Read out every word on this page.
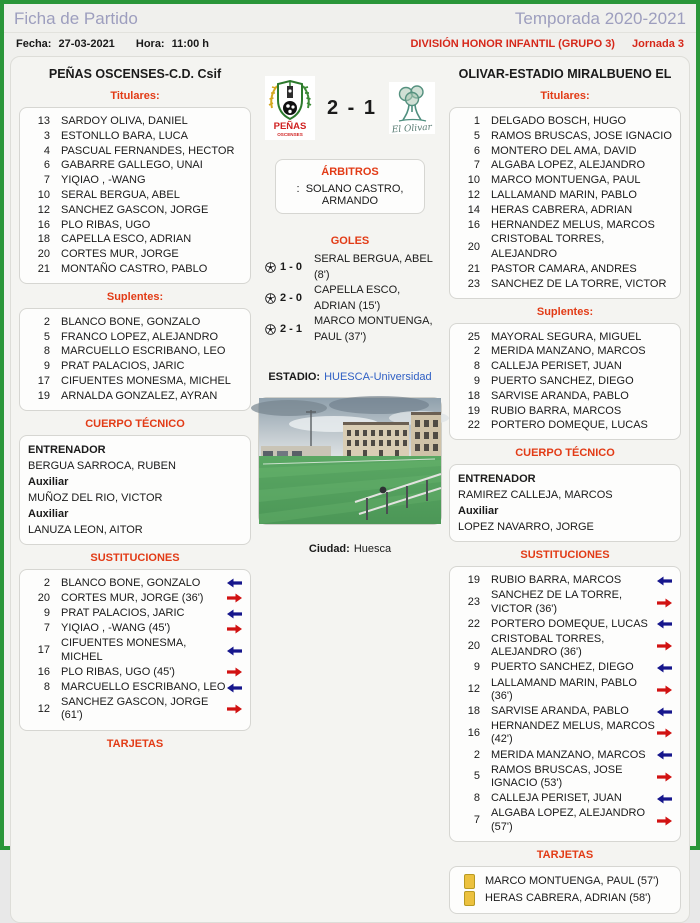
Ficha de Partido	Temporada 2020-2021
Fecha: 27-03-2021 Hora: 11:00 h	DIVISIÓN HONOR INFANTIL (GRUPO 3) Jornada 3
PEÑAS OSCENSES-C.D. Csif
Titulares:
13 SARDOY OLIVA, DANIEL
3 ESTONLLO BARA, LUCA
4 PASCUAL FERNANDES, HECTOR
6 GABARRE GALLEGO, UNAI
7 YIQIAO , -WANG
10 SERAL BERGUA, ABEL
12 SANCHEZ GASCON, JORGE
16 PLO RIBAS, UGO
18 CAPELLA ESCO, ADRIAN
20 CORTES MUR, JORGE
21 MONTAÑO CASTRO, PABLO
Suplentes:
2 BLANCO BONE, GONZALO
5 FRANCO LOPEZ, ALEJANDRO
8 MARCUELLO ESCRIBANO, LEO
9 PRAT PALACIOS, JARIC
17 CIFUENTES MONESMA, MICHEL
19 ARNALDA GONZALEZ, AYRAN
CUERPO TÉCNICO
ENTRENADOR
BERGUA SARROCA, RUBEN
Auxiliar
MUÑOZ DEL RIO, VICTOR
Auxiliar
LANUZA LEON, AITOR
SUSTITUCIONES
2 BLANCO BONE, GONZALO
20 CORTES MUR, JORGE (36')
9 PRAT PALACIOS, JARIC
7 YIQIAO , -WANG (45')
17
CIFUENTES MONESMA, MICHEL
16 PLO RIBAS, UGO (45')
8 MARCUELLO ESCRIBANO, LEO
12
SANCHEZ GASCON, JORGE (61')
TARJETAS
PEÑAS
OSCENSES
2 - 1
El Olivar
ÁRBITROS
: SOLANO CASTRO, ARMANDO
GOLES
1 - 0
SERAL BERGUA, ABEL (8')
2 - 0
CAPELLA ESCO, ADRIAN (15')
2 - 1
MARCO MONTUENGA, PAUL (37')
ESTADIO: HUESCA-Universidad
Ciudad: Huesca
OLIVAR-ESTADIO MIRALBUENO EL
Titulares:
1 DELGADO BOSCH, HUGO
5 RAMOS BRUSCAS, JOSE IGNACIO
6 MONTERO DEL AMA, DAVID
7 ALGABA LOPEZ, ALEJANDRO
10 MARCO MONTUENGA, PAUL
12 LALLAMAND MARIN, PABLO
14 HERAS CABRERA, ADRIAN
16 HERNANDEZ MELUS, MARCOS
20
CRISTOBAL TORRES, ALEJANDRO
21 PASTOR CAMARA, ANDRES
23 SANCHEZ DE LA TORRE, VICTOR
Suplentes:
25 MAYORAL SEGURA, MIGUEL
2 MERIDA MANZANO, MARCOS
8 CALLEJA PERISET, JUAN
9 PUERTO SANCHEZ, DIEGO
18 SARVISE ARANDA, PABLO
19 RUBIO BARRA, MARCOS
22 PORTERO DOMEQUE, LUCAS
CUERPO TÉCNICO
ENTRENADOR
RAMIREZ CALLEJA, MARCOS
Auxiliar
LOPEZ NAVARRO, JORGE
SUSTITUCIONES
19 RUBIO BARRA, MARCOS
23
SANCHEZ DE LA TORRE, VICTOR (36')
22 PORTERO DOMEQUE, LUCAS
20
CRISTOBAL TORRES, ALEJANDRO (36')
9 PUERTO SANCHEZ, DIEGO
12
LALLAMAND MARIN, PABLO (36')
18 SARVISE ARANDA, PABLO
16
HERNANDEZ MELUS, MARCOS (42')
2 MERIDA MANZANO, MARCOS
5
RAMOS BRUSCAS, JOSE IGNACIO (53')
8 CALLEJA PERISET, JUAN
7
ALGABA LOPEZ, ALEJANDRO (57')
TARJETAS
MARCO MONTUENGA, PAUL (57')
HERAS CABRERA, ADRIAN (58')
